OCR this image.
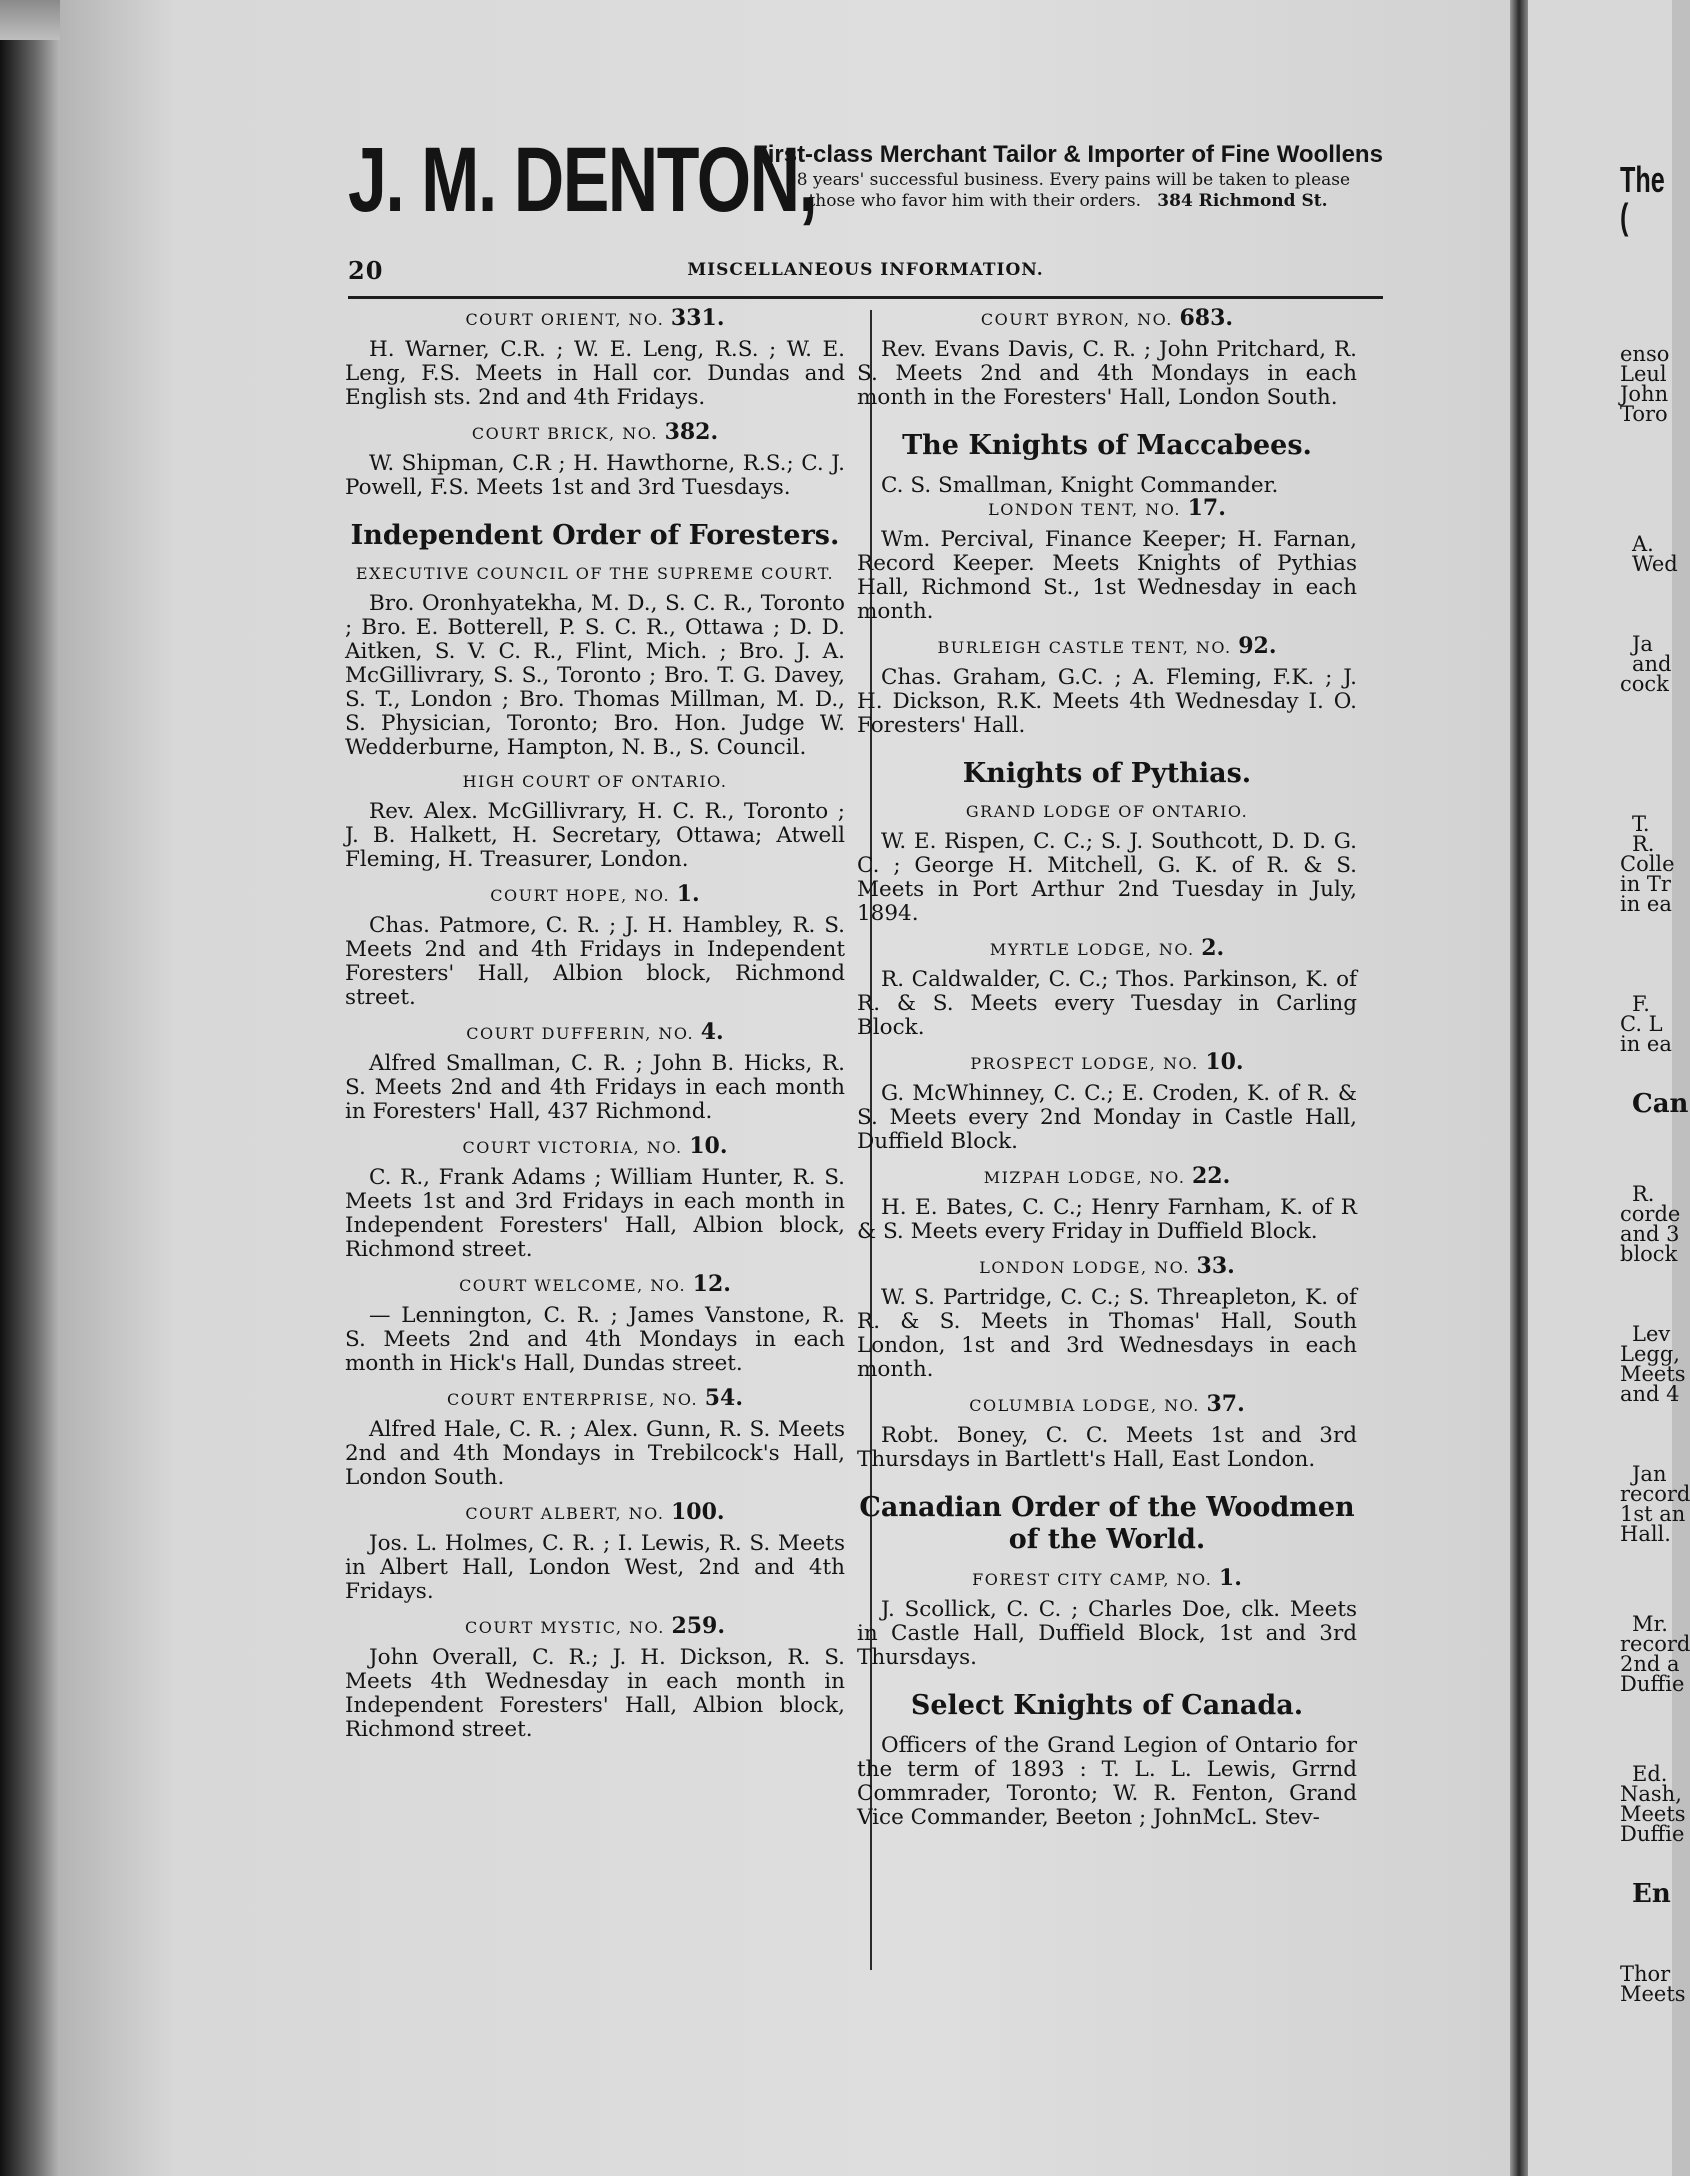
J. M. DENTON,
First-class Merchant Tailor & Importer of Fine Woollens
38 years' successful business. Every pains will be taken to please
those who favor him with their orders. 384 Richmond St.
20	MISCELLANEOUS INFORMATION.
COURT ORIENT, NO. 331.

H. Warner, C.R. ; W. E. Leng, R.S. ; W. E. Leng, F.S. Meets in Hall cor. Dundas and English sts. 2nd and 4th Fridays.

COURT BRICK, NO. 382.

W. Shipman, C.R ; H. Hawthorne, R.S.; C. J. Powell, F.S. Meets 1st and 3rd Tuesdays.

Independent Order of Foresters.
EXECUTIVE COUNCIL OF THE SUPREME COURT.

Bro. Oronhyatekha, M. D., S. C. R., Toronto ; Bro. E. Botterell, P. S. C. R., Ottawa ; D. D. Aitken, S. V. C. R., Flint, Mich. ; Bro. J. A. McGillivrary, S. S., Toronto ; Bro. T. G. Davey, S. T., London ; Bro. Thomas Millman, M. D., S. Physician, Toronto; Bro. Hon. Judge W. Wedderburne, Hampton, N. B., S. Council.

HIGH COURT OF ONTARIO.

Rev. Alex. McGillivrary, H. C. R., Toronto ; J. B. Halkett, H. Secretary, Ottawa; Atwell Fleming, H. Treasurer, London.

COURT HOPE, NO. 1.

Chas. Patmore, C. R. ; J. H. Hambley, R. S. Meets 2nd and 4th Fridays in Independent Foresters' Hall, Albion block, Richmond street.

COURT DUFFERIN, NO. 4.

Alfred Smallman, C. R. ; John B. Hicks, R. S. Meets 2nd and 4th Fridays in each month in Foresters' Hall, 437 Richmond.

COURT VICTORIA, NO. 10.

C. R., Frank Adams ; William Hunter, R. S. Meets 1st and 3rd Fridays in each month in Independent Foresters' Hall, Albion block, Richmond street.

COURT WELCOME, NO. 12.

— Lennington, C. R. ; James Vanstone, R. S. Meets 2nd and 4th Mondays in each month in Hick's Hall, Dundas street.

COURT ENTERPRISE, NO. 54.

Alfred Hale, C. R. ; Alex. Gunn, R. S. Meets 2nd and 4th Mondays in Trebilcock's Hall, London South.

COURT ALBERT, NO. 100.

Jos. L. Holmes, C. R. ; I. Lewis, R. S. Meets in Albert Hall, London West, 2nd and 4th Fridays.

COURT MYSTIC, NO. 259.

John Overall, C. R.; J. H. Dickson, R. S. Meets 4th Wednesday in each month in Independent Foresters' Hall, Albion block, Richmond street.

COURT BYRON, NO. 683.

Rev. Evans Davis, C. R. ; John Pritchard, R. S. Meets 2nd and 4th Mondays in each month in the Foresters' Hall, London South.

The Knights of Maccabees.

C. S. Smallman, Knight Commander.

LONDON TENT, NO. 17.

Wm. Percival, Finance Keeper; H. Farnan, Record Keeper. Meets Knights of Pythias Hall, Richmond St., 1st Wednesday in each month.

BURLEIGH CASTLE TENT, NO. 92.

Chas. Graham, G.C. ; A. Fleming, F.K. ; J. H. Dickson, R.K. Meets 4th Wednesday I. O. Foresters' Hall.

Knights of Pythias.
GRAND LODGE OF ONTARIO.

W. E. Rispen, C. C.; S. J. Southcott, D. D. G. C. ; George H. Mitchell, G. K. of R. & S. Meets in Port Arthur 2nd Tuesday in July, 1894.

MYRTLE LODGE, NO. 2.

R. Caldwalder, C. C.; Thos. Parkinson, K. of R. & S. Meets every Tuesday in Carling Block.

PROSPECT LODGE, NO. 10.

G. McWhinney, C. C.; E. Croden, K. of R. & S. Meets every 2nd Monday in Castle Hall, Duffield Block.

MIZPAH LODGE, NO. 22.

H. E. Bates, C. C.; Henry Farnham, K. of R & S. Meets every Friday in Duffield Block.

LONDON LODGE, NO. 33.

W. S. Partridge, C. C.; S. Threapleton, K. of R. & S. Meets in Thomas' Hall, South London, 1st and 3rd Wednesdays in each month.

COLUMBIA LODGE, NO. 37.

Robt. Boney, C. C. Meets 1st and 3rd Thursdays in Bartlett's Hall, East London.

Canadian Order of the Woodmen of the World.
FOREST CITY CAMP, NO. 1.

J. Scollick, C. C. ; Charles Doe, clk. Meets in Castle Hall, Duffield Block, 1st and 3rd Thursdays.

Select Knights of Canada.

Officers of the Grand Legion of Ontario for the term of 1893 : T. L. L. Lewis, Grrnd Commrader, Toronto; W. R. Fenton, Grand Vice Commander, Beeton ; JohnMcL. Stev-

The
(
enso
Leul
John
Toro
A.
Wed
Ja
and
cock
T.
R.
Colle
in Tr
in ea
F.
C. L
in ea
Can
R.
corde
and 3
block
Lev
Legg,
Meets
and 4
Jan
record
1st an
Hall.
Mr.
record
2nd a
Duffie
Ed.
Nash,
Meets
Duffie
En
Thor
Meets
